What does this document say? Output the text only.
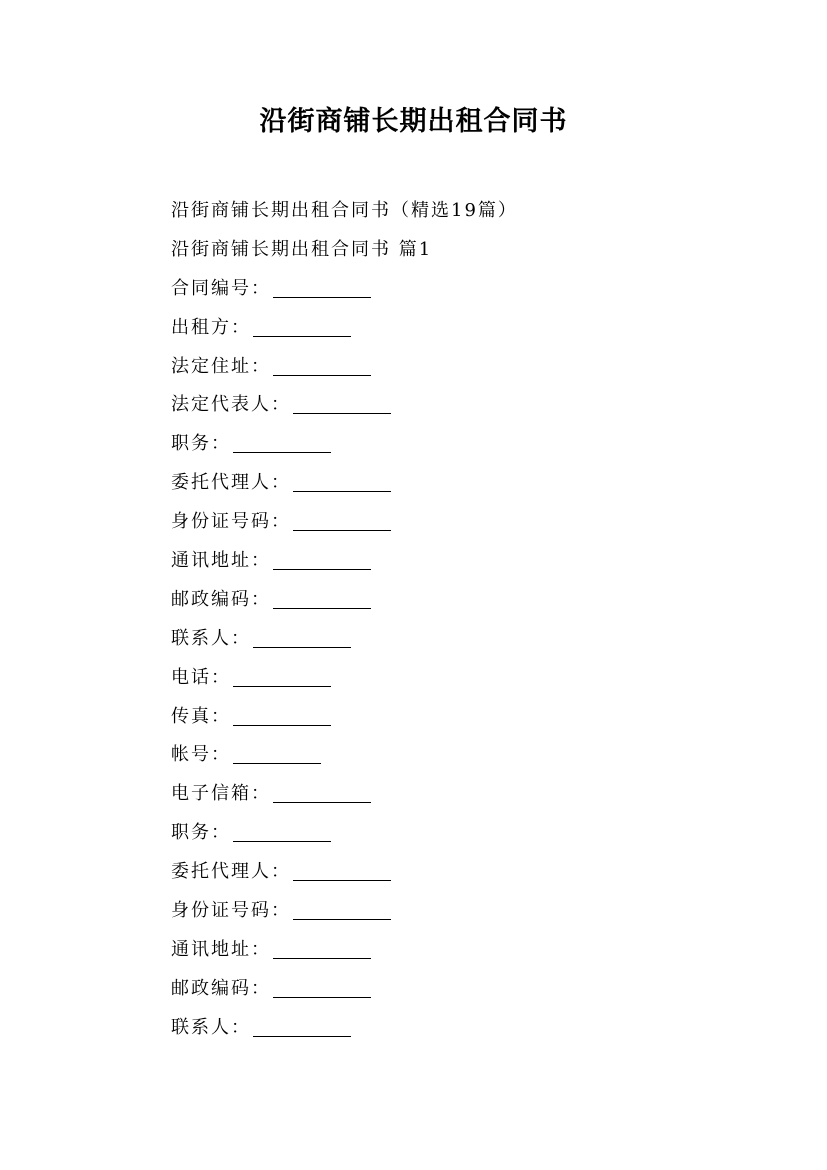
沿街商铺长期出租合同书
沿街商铺长期出租合同书（精选19篇）
沿街商铺长期出租合同书 篇1
合同编号：
出租方：
法定住址：
法定代表人：
职务：
委托代理人：
身份证号码：
通讯地址：
邮政编码：
联系人：
电话：
传真：
帐号：
电子信箱：
职务：
委托代理人：
身份证号码：
通讯地址：
邮政编码：
联系人：
